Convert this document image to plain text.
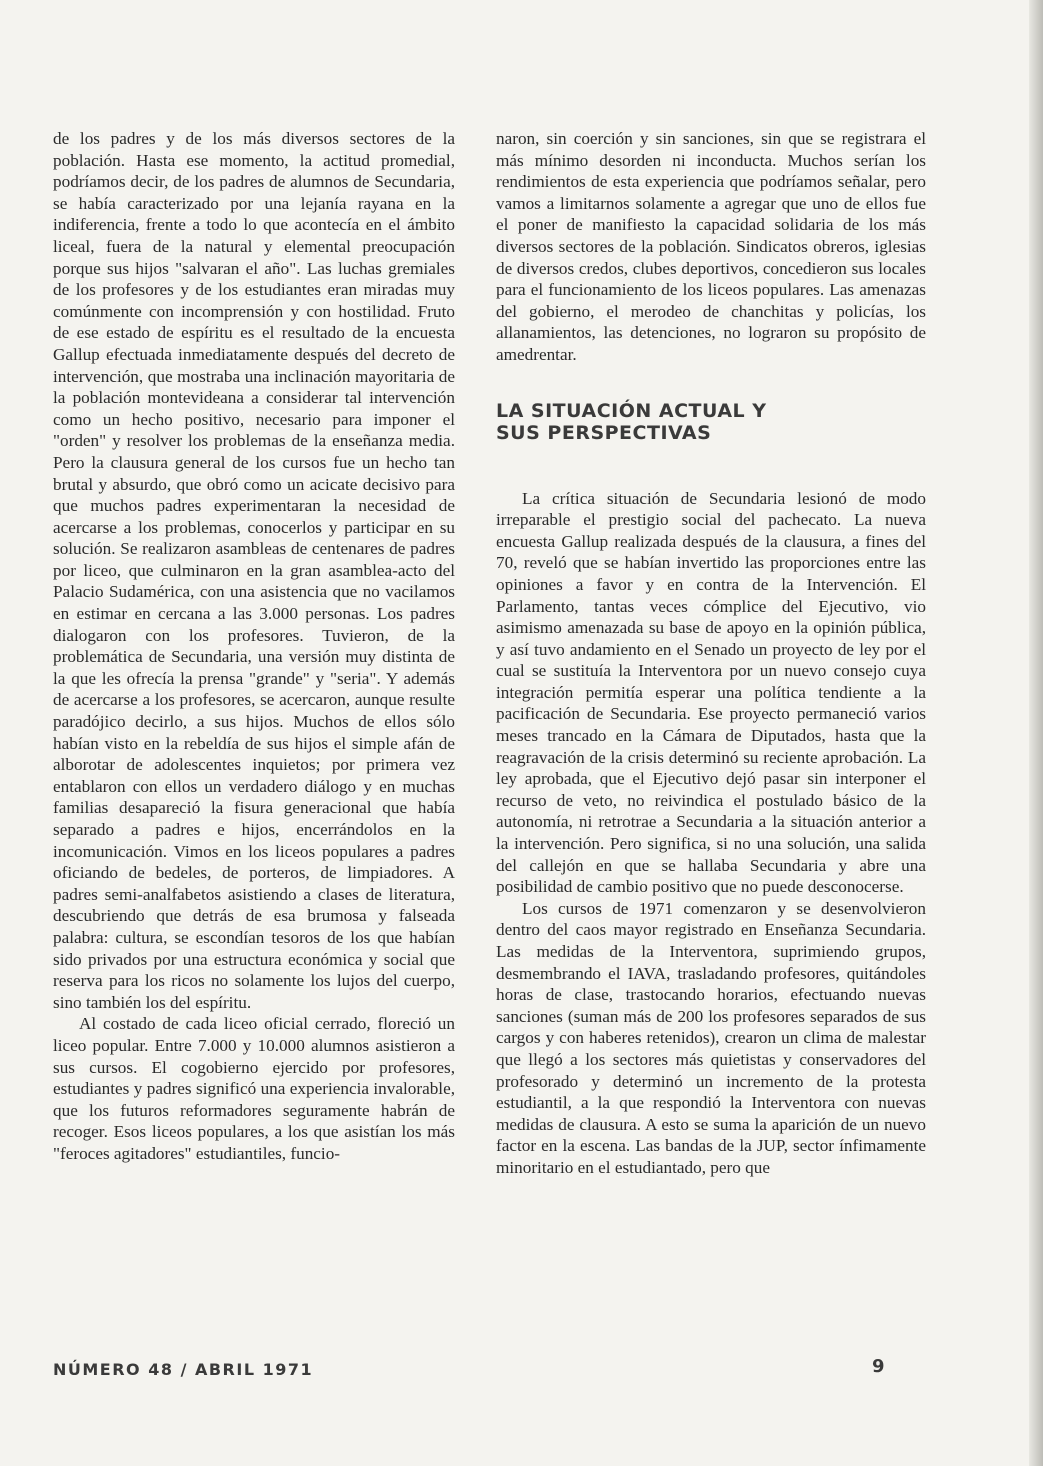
de los padres y de los más diversos sectores de la población. Hasta ese momento, la actitud promedial, podríamos decir, de los padres de alumnos de Secundaria, se había caracterizado por una lejanía rayana en la indiferencia, frente a todo lo que acontecía en el ámbito liceal, fuera de la natural y elemental preocupación porque sus hijos "salvaran el año". Las luchas gremiales de los profesores y de los estudiantes eran miradas muy comúnmente con incomprensión y con hostilidad. Fruto de ese estado de espíritu es el resultado de la encuesta Gallup efectuada inmediatamente después del decreto de intervención, que mostraba una inclinación mayoritaria de la población montevideana a considerar tal intervención como un hecho positivo, necesario para imponer el "orden" y resolver los problemas de la enseñanza media. Pero la clausura general de los cursos fue un hecho tan brutal y absurdo, que obró como un acicate decisivo para que muchos padres experimentaran la necesidad de acercarse a los problemas, conocerlos y participar en su solución. Se realizaron asambleas de centenares de padres por liceo, que culminaron en la gran asamblea-acto del Palacio Sudamérica, con una asistencia que no vacilamos en estimar en cercana a las 3.000 personas. Los padres dialogaron con los profesores. Tuvieron, de la problemática de Secundaria, una versión muy distinta de la que les ofrecía la prensa "grande" y "seria". Y además de acercarse a los profesores, se acercaron, aunque resulte paradójico decirlo, a sus hijos. Muchos de ellos sólo habían visto en la rebeldía de sus hijos el simple afán de alborotar de adolescentes inquietos; por primera vez entablaron con ellos un verdadero diálogo y en muchas familias desapareció la fisura generacional que había separado a padres e hijos, encerrándolos en la incomunicación. Vimos en los liceos populares a padres oficiando de bedeles, de porteros, de limpiadores. A padres semi-analfabetos asistiendo a clases de literatura, descubriendo que detrás de esa brumosa y falseada palabra: cultura, se escondían tesoros de los que habían sido privados por una estructura económica y social que reserva para los ricos no solamente los lujos del cuerpo, sino también los del espíritu.

Al costado de cada liceo oficial cerrado, floreció un liceo popular. Entre 7.000 y 10.000 alumnos asistieron a sus cursos. El cogobierno ejercido por profesores, estudiantes y padres significó una experiencia invalorable, que los futuros reformadores seguramente habrán de recoger. Esos liceos populares, a los que asistían los más "feroces agitadores" estudiantiles, funcio-

naron, sin coerción y sin sanciones, sin que se registrara el más mínimo desorden ni inconducta. Muchos serían los rendimientos de esta experiencia que podríamos señalar, pero vamos a limitarnos solamente a agregar que uno de ellos fue el poner de manifiesto la capacidad solidaria de los más diversos sectores de la población. Sindicatos obreros, iglesias de diversos credos, clubes deportivos, concedieron sus locales para el funcionamiento de los liceos populares. Las amenazas del gobierno, el merodeo de chanchitas y policías, los allanamientos, las detenciones, no lograron su propósito de amedrentar.

LA SITUACIÓN ACTUAL Y
SUS PERSPECTIVAS

La crítica situación de Secundaria lesionó de modo irreparable el prestigio social del pachecato. La nueva encuesta Gallup realizada después de la clausura, a fines del 70, reveló que se habían invertido las proporciones entre las opiniones a favor y en contra de la Intervención. El Parlamento, tantas veces cómplice del Ejecutivo, vio asimismo amenazada su base de apoyo en la opinión pública, y así tuvo andamiento en el Senado un proyecto de ley por el cual se sustituía la Interventora por un nuevo consejo cuya integración permitía esperar una política tendiente a la pacificación de Secundaria. Ese proyecto permaneció varios meses trancado en la Cámara de Diputados, hasta que la reagravación de la crisis determinó su reciente aprobación. La ley aprobada, que el Ejecutivo dejó pasar sin interponer el recurso de veto, no reivindica el postulado básico de la autonomía, ni retrotrae a Secundaria a la situación anterior a la intervención. Pero significa, si no una solución, una salida del callejón en que se hallaba Secundaria y abre una posibilidad de cambio positivo que no puede desconocerse.

Los cursos de 1971 comenzaron y se desenvolvieron dentro del caos mayor registrado en Enseñanza Secundaria. Las medidas de la Interventora, suprimiendo grupos, desmembrando el IAVA, trasladando profesores, quitándoles horas de clase, trastocando horarios, efectuando nuevas sanciones (suman más de 200 los profesores separados de sus cargos y con haberes retenidos), crearon un clima de malestar que llegó a los sectores más quietistas y conservadores del profesorado y determinó un incremento de la protesta estudiantil, a la que respondió la Interventora con nuevas medidas de clausura. A esto se suma la aparición de un nuevo factor en la escena. Las bandas de la JUP, sector ínfimamente minoritario en el estudiantado, pero que

NÚMERO 48 / ABRIL 1971	9
